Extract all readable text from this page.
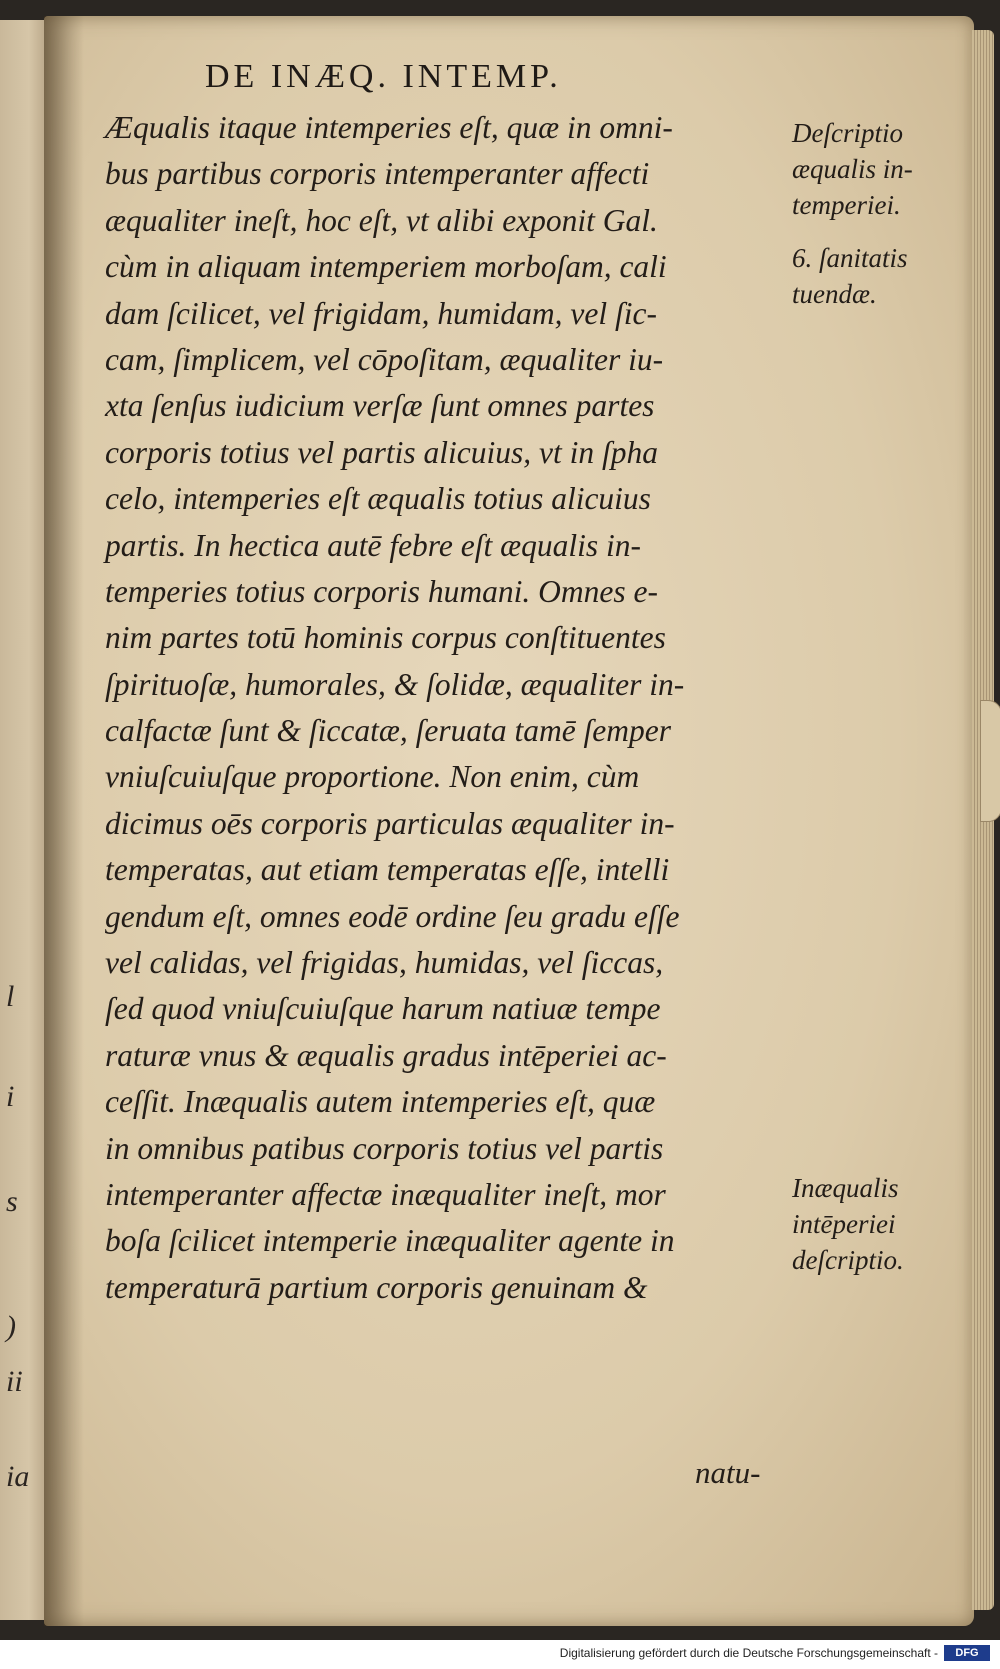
l
i
s
)
ii
ia
DE INÆQ. INTEMP.
Æqualis itaque intemperies eſt, quæ in omni-
bus partibus corporis intemperanter affecti
æqualiter ineſt, hoc eſt, vt alibi exponit Gal.
cùm in aliquam intemperiem morboſam, cali
dam ſcilicet, vel frigidam, humidam, vel ſic-
cam, ſimplicem, vel cōpoſitam, æqualiter iu-
xta ſenſus iudicium verſæ ſunt omnes partes
corporis totius vel partis alicuius, vt in ſpha
celo, intemperies eſt æqualis totius alicuius
partis. In hectica autē febre eſt æqualis in-
temperies totius corporis humani. Omnes e-
nim partes totū hominis corpus conſtituentes
ſpirituoſæ, humorales, & ſolidæ, æqualiter in-
calfactæ ſunt & ſiccatæ, ſeruata tamē ſemper
vniuſcuiuſque proportione. Non enim, cùm
dicimus oēs corporis particulas æqualiter in-
temperatas, aut etiam temperatas eſſe, intelli
gendum eſt, omnes eodē ordine ſeu gradu eſſe
vel calidas, vel frigidas, humidas, vel ſiccas,
ſed quod vniuſcuiuſque harum natiuæ tempe
raturæ vnus & æqualis gradus intēperiei ac-
ceſſit. Inæqualis autem intemperies eſt, quæ
in omnibus patibus corporis totius vel partis
intemperanter affectæ inæqualiter ineſt, mor
boſa ſcilicet intemperie inæqualiter agente in
temperaturā partium corporis genuinam &
natu-
Deſcriptio
æqualis in-
temperiei.
6. ſanitatis
tuendæ.
Inæqualis
intēperiei
deſcriptio.
Digitalisierung gefördert durch die Deutsche Forschungsgemeinschaft -	DFG
